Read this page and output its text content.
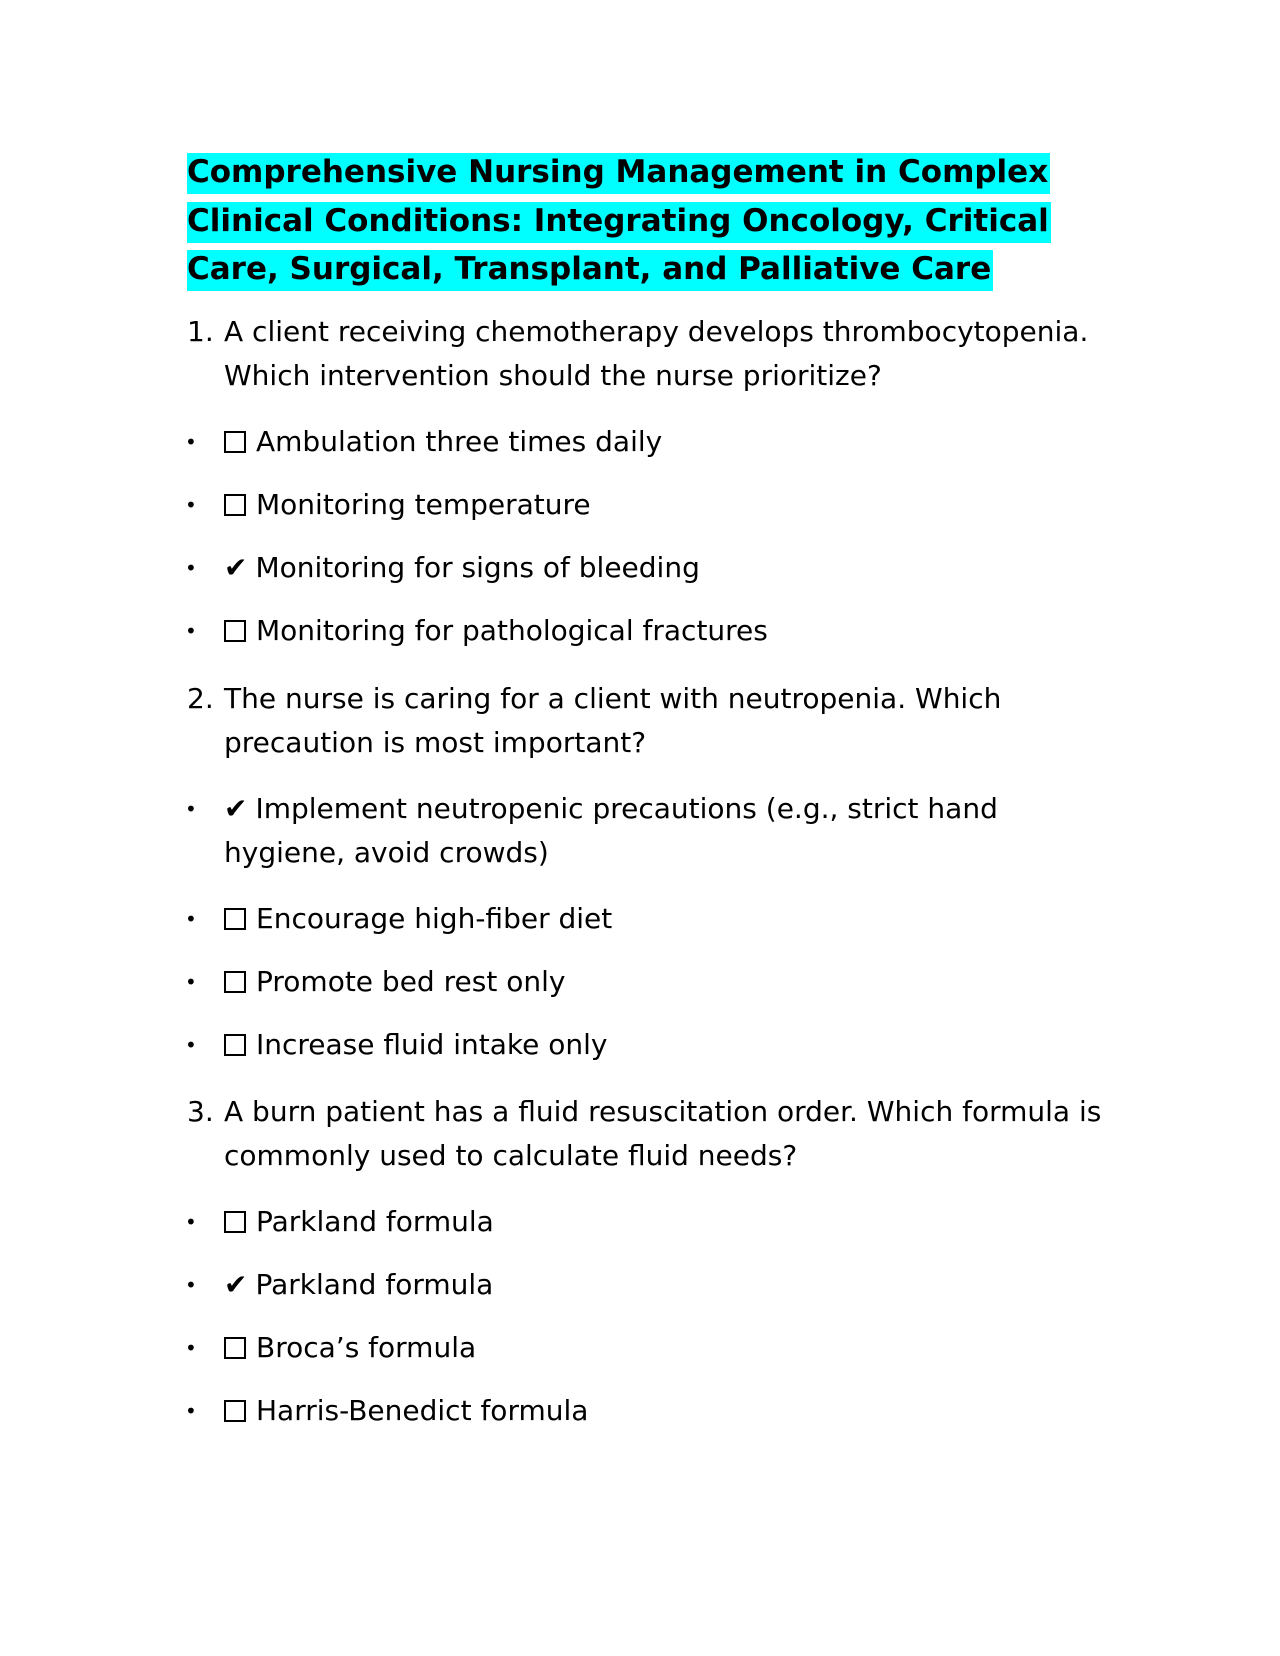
Comprehensive Nursing Management in Complex Clinical Conditions: Integrating Oncology, Critical Care, Surgical, Transplant, and Palliative Care
1. A client receiving chemotherapy develops thrombocytopenia. Which intervention should the nurse prioritize?
•	Ambulation three times daily
•	Monitoring temperature
• ✔ Monitoring for signs of bleeding
•	Monitoring for pathological fractures
2. The nurse is caring for a client with neutropenia. Which precaution is most important?
• ✔ Implement neutropenic precautions (e.g., strict hand hygiene, avoid crowds)
•	Encourage high-fiber diet
•	Promote bed rest only
•	Increase fluid intake only
3. A burn patient has a fluid resuscitation order. Which formula is commonly used to calculate fluid needs?
•	Parkland formula
• ✔ Parkland formula
•	Broca’s formula
•	Harris-Benedict formula
